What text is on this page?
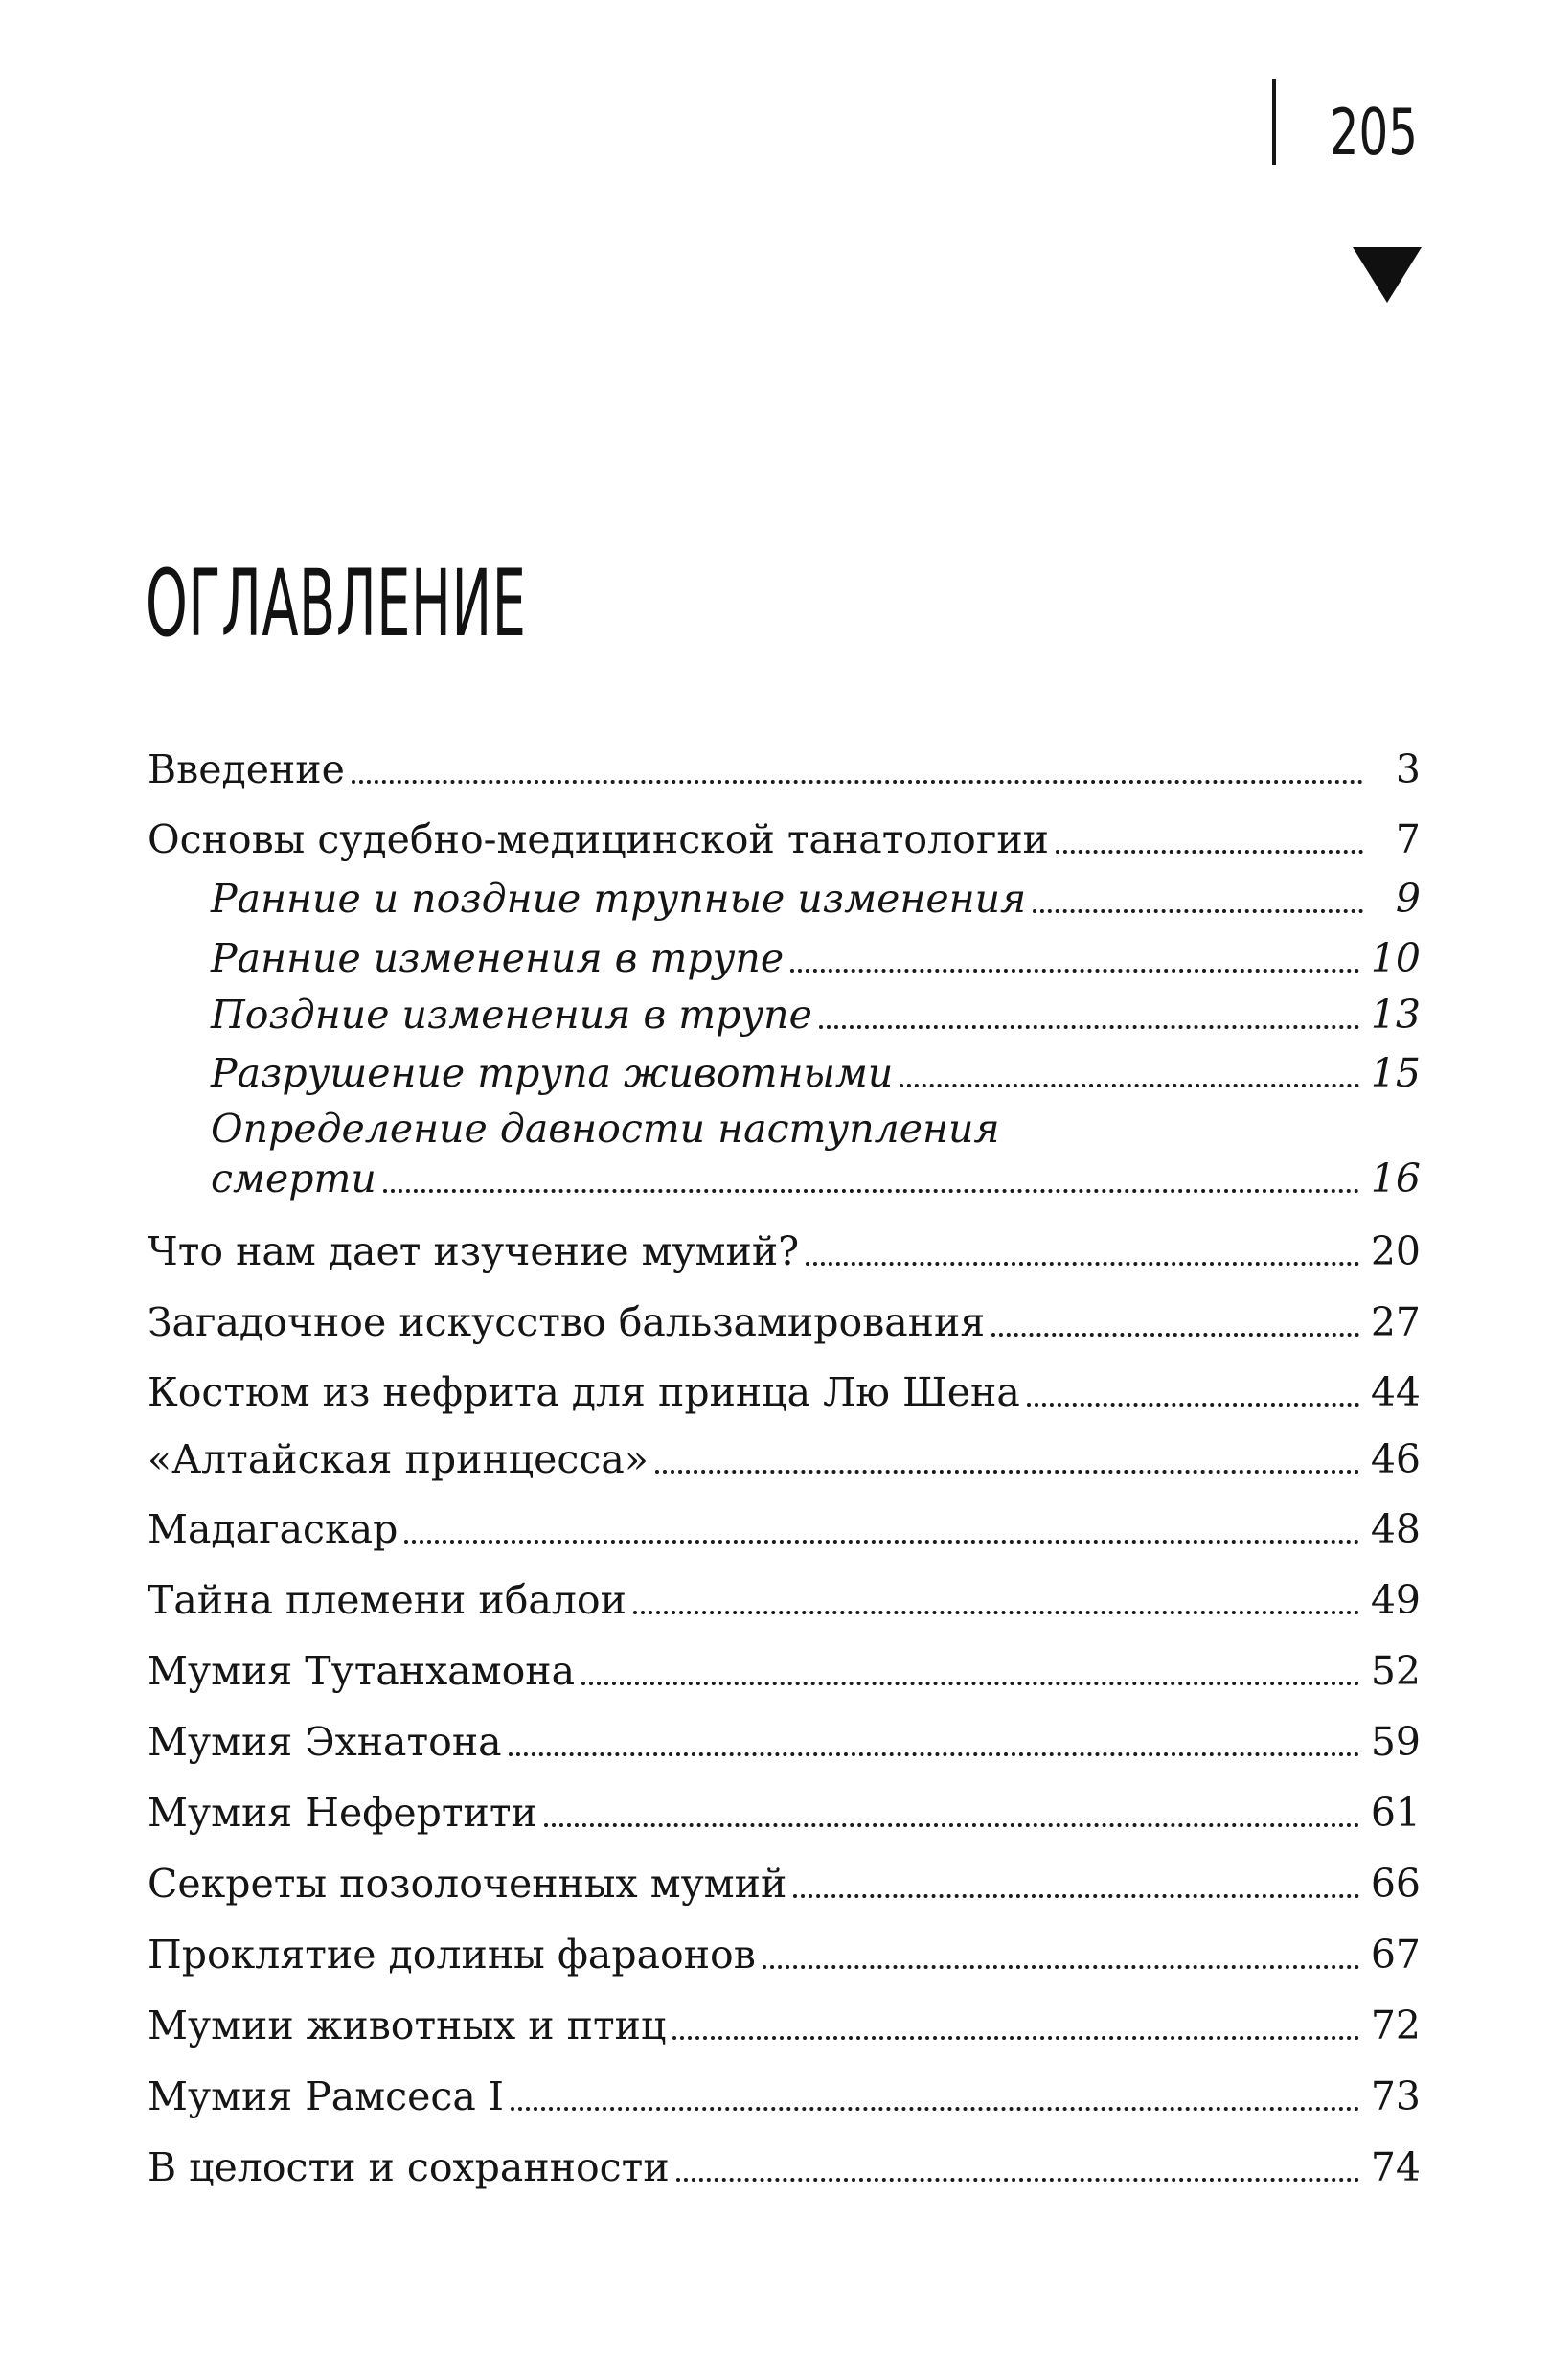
205
ОГЛАВЛЕНИЕ
Введение	3
Основы судебно-медицинской танатологии	7
Ранние и поздние трупные изменения	9
Ранние изменения в трупе	10
Поздние изменения в трупе	13
Разрушение трупа животными	15
Определение давности наступления
смерти	16
Что нам дает изучение мумий?	20
Загадочное искусство бальзамирования	27
Костюм из нефрита для принца Лю Шена	44
«Алтайская принцесса»	46
Мадагаскар	48
Тайна племени ибалои	49
Мумия Тутанхамона	52
Мумия Эхнатона	59
Мумия Нефертити	61
Секреты позолоченных мумий	66
Проклятие долины фараонов	67
Мумии животных и птиц	72
Мумия Рамсеса I	73
В целости и сохранности	74
